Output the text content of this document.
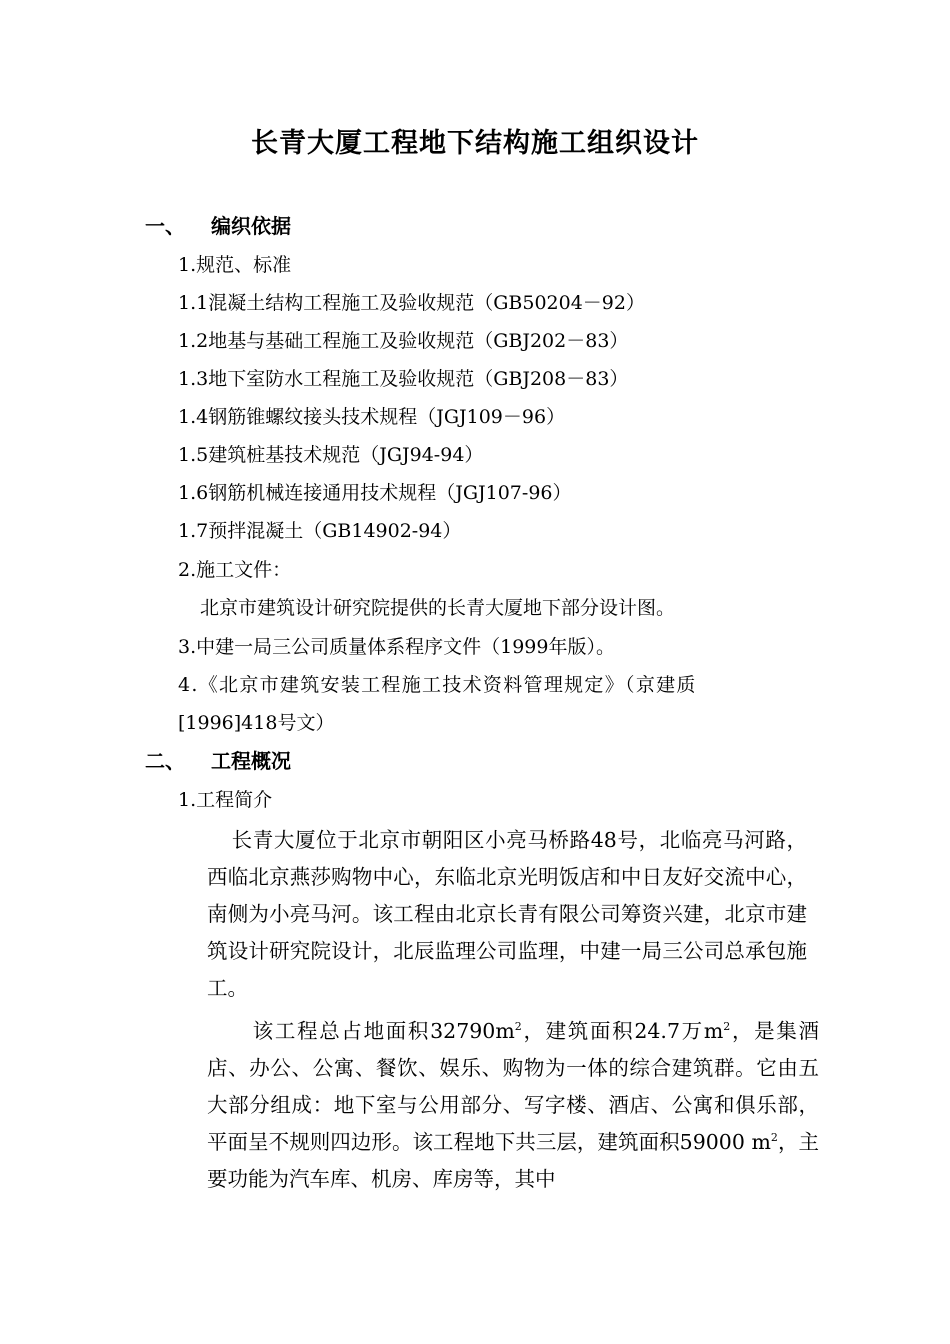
长青大厦工程地下结构施工组织设计
一、 编织依据
1.规范、标准
1.1混凝土结构工程施工及验收规范（GB50204－92）
1.2地基与基础工程施工及验收规范（GBJ202－83）
1.3地下室防水工程施工及验收规范（GBJ208－83）
1.4钢筋锥螺纹接头技术规程（JGJ109－96）
1.5建筑桩基技术规范（JGJ94-94）
1.6钢筋机械连接通用技术规程（JGJ107-96）
1.7预拌混凝土（GB14902-94）
2.施工文件：
北京市建筑设计研究院提供的长青大厦地下部分设计图。
3.中建一局三公司质量体系程序文件（1999年版）。
4.《北京市建筑安装工程施工技术资料管理规定》（京建质
[1996]418号文）
二、 工程概况
1.工程简介
长青大厦位于北京市朝阳区小亮马桥路48号，北临亮马河路，西临北京燕莎购物中心，东临北京光明饭店和中日友好交流中心，南侧为小亮马河。该工程由北京长青有限公司筹资兴建，北京市建筑设计研究院设计，北辰监理公司监理，中建一局三公司总承包施工。
该工程总占地面积$32790m^2$，建筑面积24.7万$m^2$，是集酒店、办公、公寓、餐饮、娱乐、购物为一体的综合建筑群。它由五大部分组成：地下室与公用部分、写字楼、酒店、公寓和俱乐部，平面呈不规则四边形。该工程地下共三层，建筑面积59000 $m^2$，主要功能为汽车库、机房、库房等，其中
